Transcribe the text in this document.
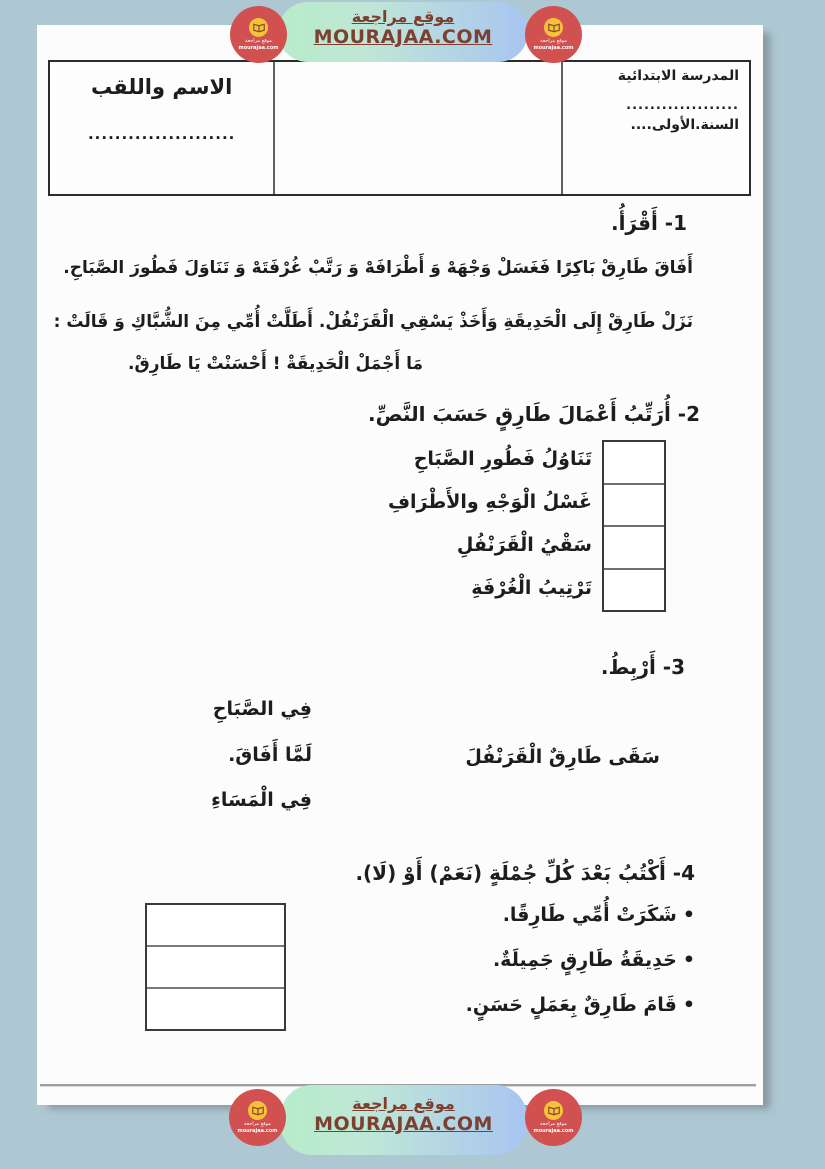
الاسم واللقب
......................
المدرسة الابتدائية
...................
السنة.الأولى....
1- أَقْرَأُ.
أَفَاقَ طَارِقْ بَاكِرًا فَغَسَلْ وَجْهَهْ وَ أَطْرَافَهْ وَ رَتَّبْ غُرْفَتَهْ وَ تَنَاوَلَ فَطُورَ الصَّبَاحِ.
نَزَلْ طَارِقْ إِلَى الْحَدِيقَةِ وَأَخَذْ يَسْقِي الْقَرَنْفُلْ. أَطَلَّتْ أُمِّي مِنَ الشُّبَّاكِ وَ قَالَتْ :
مَا أَجْمَلْ الْحَدِيقَةْ ! أَحْسَنْتْ يَا طَارِقْ.
2- أُرَتِّبُ أَعْمَالَ طَارِقٍ حَسَبَ النَّصِّ.
تَنَاوُلُ فَطُورِ الصَّبَاحِ
غَسْلُ الْوَجْهِ والأَطْرَافِ
سَقْيُ الْقَرَنْفُلِ
تَرْتِيبُ الْغُرْفَةِ
3- أَرْبِطُ.
فِي الصَّبَاحِ
سَقَى طَارِقٌ الْقَرَنْفُلَ
لَمَّا أَفَاقَ.
فِي الْمَسَاءِ
4- أَكْتُبُ بَعْدَ كُلِّ جُمْلَةٍ (نَعَمْ) أَوْ (لَا).
•شَكَرَتْ أُمِّي طَارِقًا.
•حَدِيقَةُ طَارِقٍ جَمِيلَةٌ.
•قَامَ طَارِقٌ بِعَمَلٍ حَسَنٍ.
موقع مراجعة
MOURAJAA.COM
موقع مراجعة
MOURAJAA.COM
موقع مراجعة
mourajaa.com
موقع مراجعة
mourajaa.com
موقع مراجعة
mourajaa.com
موقع مراجعة
mourajaa.com
